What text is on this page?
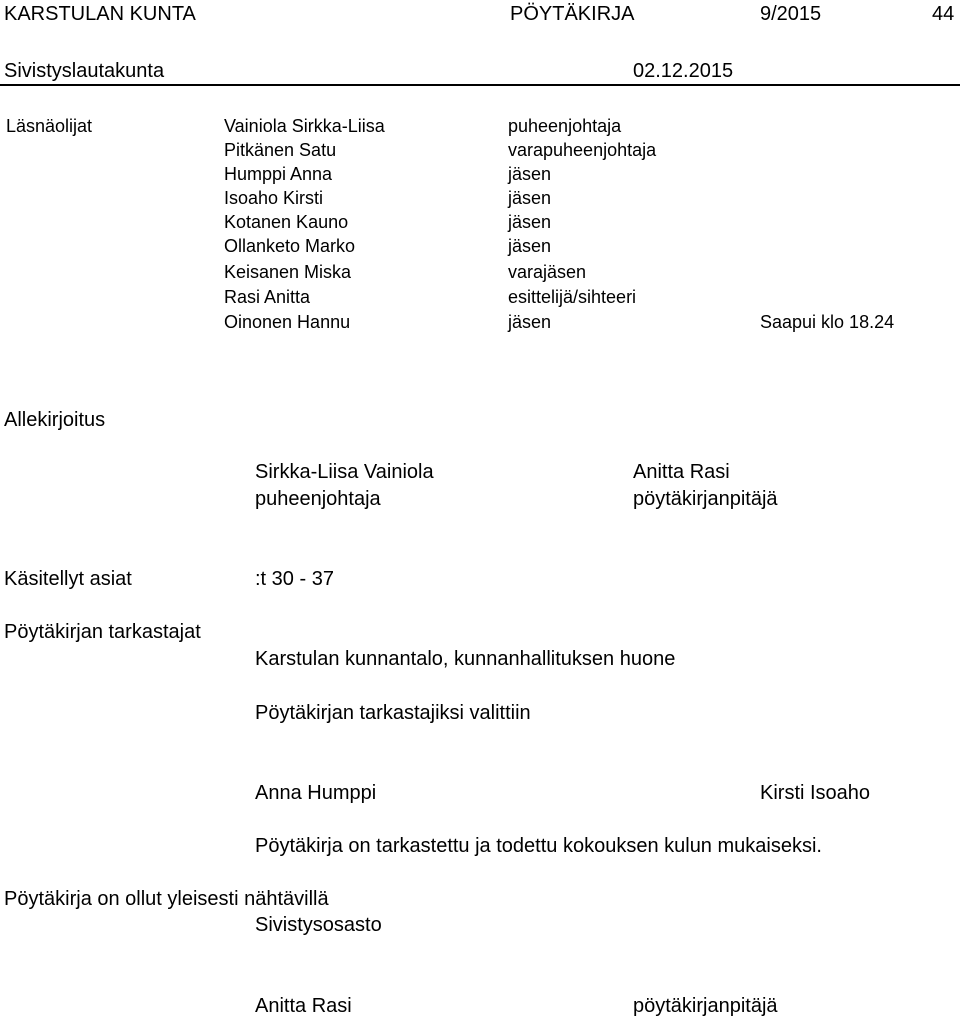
KARSTULAN KUNTA	PÖYTÄKIRJA	9/2015	44
Sivistyslautakunta	02.12.2015
Läsnäolijat	Vainiola Sirkka-Liisa	puheenjohtaja
Pitkänen Satu	varapuheenjohtaja
Humppi Anna	jäsen
Isoaho Kirsti	jäsen
Kotanen Kauno	jäsen
Ollanketo Marko	jäsen
Keisanen Miska	varajäsen
Rasi Anitta	esittelijä/sihteeri
Oinonen Hannu	jäsen	Saapui klo 18.24
Allekirjoitus
Sirkka-Liisa Vainiola
puheenjohtaja
Anitta Rasi
pöytäkirjanpitäjä
Käsitellyt asiat	:t 30 - 37
Pöytäkirjan tarkastajat
Karstulan kunnantalo, kunnanhallituksen huone
Pöytäkirjan tarkastajiksi valittiin
Anna Humppi	Kirsti Isoaho
Pöytäkirja on tarkastettu ja todettu kokouksen kulun mukaiseksi.
Pöytäkirja on ollut yleisesti nähtävillä
Sivistysosasto
Anitta Rasi	pöytäkirjanpitäjä
